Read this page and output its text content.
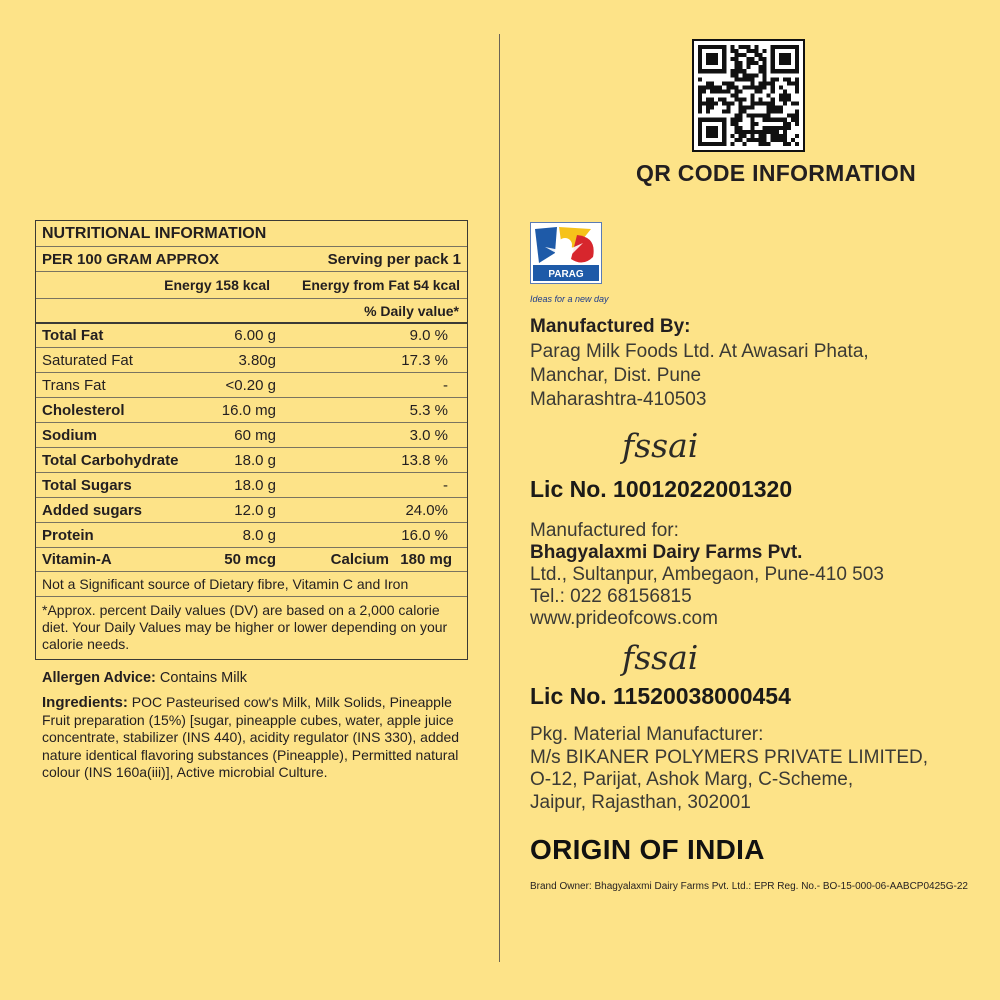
NUTRITIONAL INFORMATION
PER 100 GRAM APPROX	Serving per pack 1
Energy 158 kcal	Energy from Fat 54 kcal
% Daily value*
Total Fat	6.00 g	9.0 %
Saturated Fat	3.80g	17.3 %
Trans Fat	<0.20 g	-
Cholesterol	16.0 mg	5.3 %
Sodium	60 mg	3.0 %
Total Carbohydrate	18.0 g	13.8 %
Total Sugars	18.0 g	-
Added sugars	12.0 g	24.0%
Protein	8.0 g	16.0 %
Vitamin-A	50 mcg	Calcium 180 mg
Not a Significant source of Dietary fibre, Vitamin C and Iron
*Approx. percent Daily values (DV) are based on a 2,000 calorie diet. Your Daily Values may be higher or lower depending on your calorie needs.
Allergen Advice: Contains Milk
Ingredients: POC Pasteurised cow's Milk, Milk Solids, Pineapple Fruit preparation (15%) [sugar, pineapple cubes, water, apple juice concentrate, stabilizer (INS 440), acidity regulator (INS 330), added nature identical flavoring substances (Pineapple), Permitted natural colour (INS 160a(iii)], Active microbial Culture.
QR CODE INFORMATION
PARAG
Ideas for a new day
Manufactured By:
Parag Milk Foods Ltd. At Awasari Phata,
Manchar, Dist. Pune
Maharashtra-410503
fssai
Lic No. 10012022001320
Manufactured for:
Bhagyalaxmi Dairy Farms Pvt.
Ltd., Sultanpur, Ambegaon, Pune-410 503
Tel.: 022 68156815
www.prideofcows.com
fssai
Lic No. 11520038000454
Pkg. Material Manufacturer:
M/s BIKANER POLYMERS PRIVATE LIMITED,
O-12, Parijat, Ashok Marg, C-Scheme,
Jaipur, Rajasthan, 302001
ORIGIN OF INDIA
Brand Owner: Bhagyalaxmi Dairy Farms Pvt. Ltd.: EPR Reg. No.- BO-15-000-06-AABCP0425G-22
